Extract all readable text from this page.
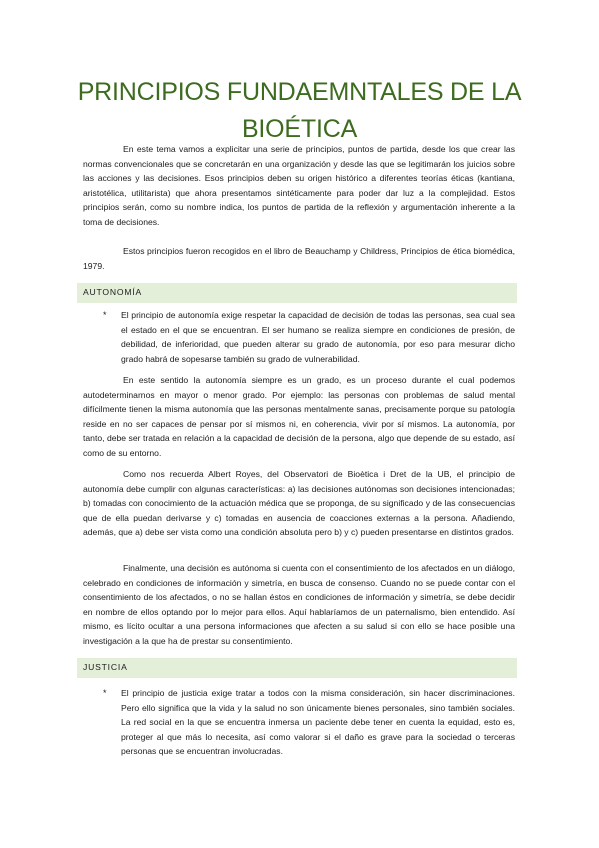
PRINCIPIOS FUNDAEMNTALES DE LA
BIOÉTICA

En este tema vamos a explicitar una serie de principios, puntos de partida, desde los que crear las normas convencionales que se concretarán en una organización y desde las que se legitimarán los juicios sobre las acciones y las decisiones. Esos principios deben su origen histórico a diferentes teorías éticas (kantiana, aristotélica, utilitarista) que ahora presentamos sintéticamente para poder dar luz a la complejidad. Estos principios serán, como su nombre indica, los puntos de partida de la reflexión y argumentación inherente a la toma de decisiones.

Estos principios fueron recogidos en el libro de Beauchamp y Childress, Principios de ética biomédica, 1979.

AUTONOMÍA
* El principio de autonomía exige respetar la capacidad de decisión de todas las personas, sea cual sea el estado en el que se encuentran. El ser humano se realiza siempre en condiciones de presión, de debilidad, de inferioridad, que pueden alterar su grado de autonomía, por eso para mesurar dicho grado habrá de sopesarse también su grado de vulnerabilidad.

En este sentido la autonomía siempre es un grado, es un proceso durante el cual podemos autodeterminarnos en mayor o menor grado. Por ejemplo: las personas con problemas de salud mental difícilmente tienen la misma autonomía que las personas mentalmente sanas, precisamente porque su patología reside en no ser capaces de pensar por sí mismos ni, en coherencia, vivir por sí mismos. La autonomía, por tanto, debe ser tratada en relación a la capacidad de decisión de la persona, algo que depende de su estado, así como de su entorno.

Como nos recuerda Albert Royes, del Observatori de Bioètica i Dret de la UB, el principio de autonomía debe cumplir con algunas características: a) las decisiones autónomas son decisiones intencionadas; b) tomadas con conocimiento de la actuación médica que se proponga, de su significado y de las consecuencias que de ella puedan derivarse y c) tomadas en ausencia de coacciones externas a la persona. Añadiendo, además, que a) debe ser vista como una condición absoluta pero b) y c) pueden presentarse en distintos grados.

Finalmente, una decisión es autónoma si cuenta con el consentimiento de los afectados en un diálogo, celebrado en condiciones de información y simetría, en busca de consenso. Cuando no se puede contar con el consentimiento de los afectados, o no se hallan éstos en condiciones de información y simetría, se debe decidir en nombre de ellos optando por lo mejor para ellos. Aquí hablaríamos de un paternalismo, bien entendido. Así mismo, es lícito ocultar a una persona informaciones que afecten a su salud si con ello se hace posible una investigación a la que ha de prestar su consentimiento.

JUSTICIA
* El principio de justicia exige tratar a todos con la misma consideración, sin hacer discriminaciones. Pero ello significa que la vida y la salud no son únicamente bienes personales, sino también sociales. La red social en la que se encuentra inmersa un paciente debe tener en cuenta la equidad, esto es, proteger al que más lo necesita, así como valorar si el daño es grave para la sociedad o terceras personas que se encuentran involucradas.
